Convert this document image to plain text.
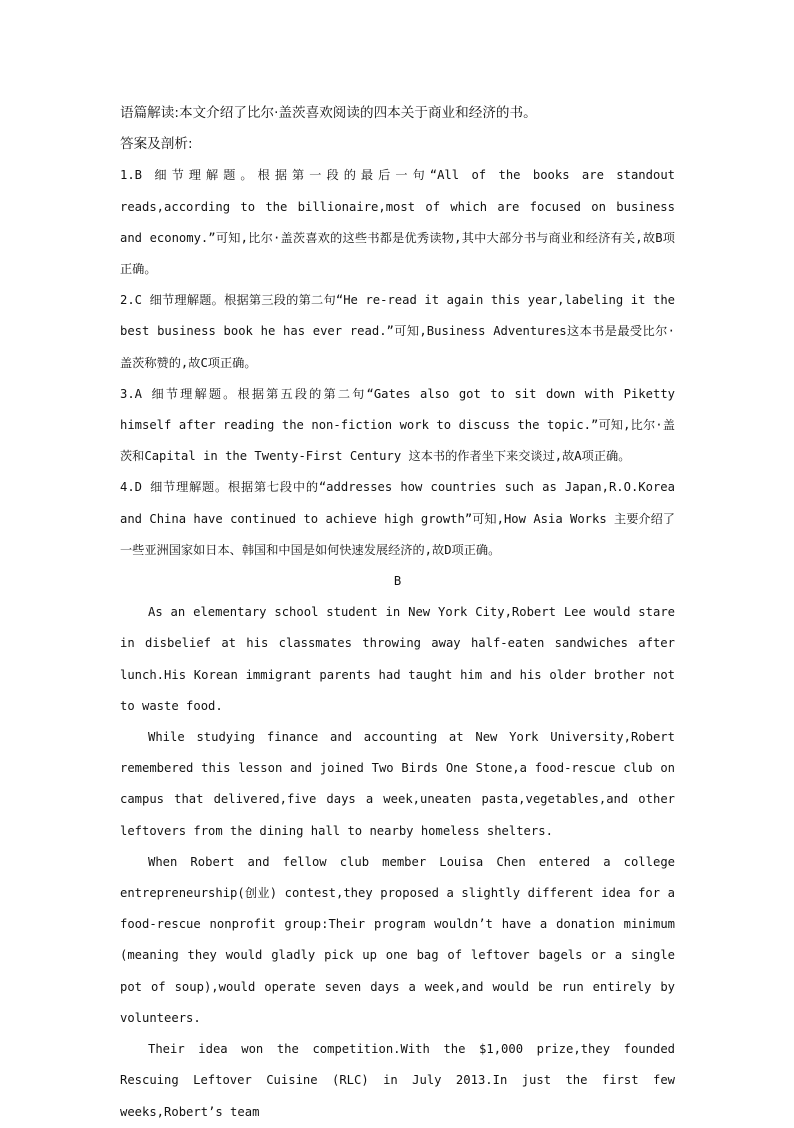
语篇解读:本文介绍了比尔·盖茨喜欢阅读的四本关于商业和经济的书。

答案及剖析:

1.B 细节理解题。根据第一段的最后一句“All of the books are standout reads,according to the billionaire,most of which are focused on business and economy.”可知,比尔·盖茨喜欢的这些书都是优秀读物,其中大部分书与商业和经济有关,故B项正确。

2.C 细节理解题。根据第三段的第二句“He re-read it again this year,labeling it the best business book he has ever read.”可知,Business Adventures这本书是最受比尔·盖茨称赞的,故C项正确。

3.A 细节理解题。根据第五段的第二句“Gates also got to sit down with Piketty himself after reading the non-fiction work to discuss the topic.”可知,比尔·盖茨和Capital in the Twenty-First Century 这本书的作者坐下来交谈过,故A项正确。

4.D 细节理解题。根据第七段中的“addresses how countries such as Japan,R.O.Korea and China have continued to achieve high growth”可知,How Asia Works 主要介绍了一些亚洲国家如日本、韩国和中国是如何快速发展经济的,故D项正确。

B

As an elementary school student in New York City,Robert Lee would stare in disbelief at his classmates throwing away half-eaten sandwiches after lunch.His Korean immigrant parents had taught him and his older brother not to waste food.

While studying finance and accounting at New York University,Robert remembered this lesson and joined Two Birds One Stone,a food-rescue club on campus that delivered,five days a week,uneaten pasta,vegetables,and other leftovers from the dining hall to nearby homeless shelters.

When Robert and fellow club member Louisa Chen entered a college entrepreneurship(创业) contest,they proposed a slightly different idea for a food-rescue nonprofit group:Their program wouldn’t have a donation minimum (meaning they would gladly pick up one bag of leftover bagels or a single pot of soup),would operate seven days a week,and would be run entirely by volunteers.

Their idea won the competition.With the $1,000 prize,they founded Rescuing Leftover Cuisine (RLC) in July 2013.In just the first few weeks,Robert’s team
